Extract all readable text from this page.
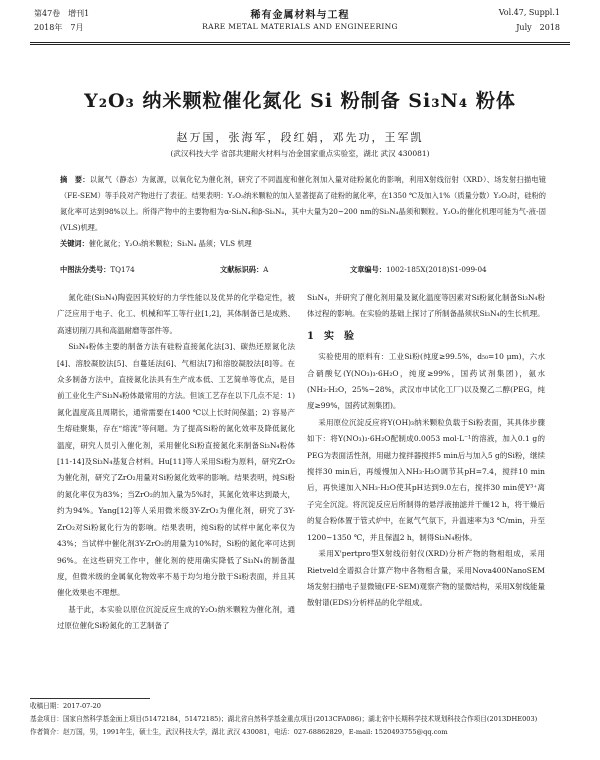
第47卷　增刊1
2018年　7月
稀有金属材料与工程
RARE METAL MATERIALS AND ENGINEERING
Vol.47, Suppl.1
July　2018
Y₂O₃ 纳米颗粒催化氮化 Si 粉制备 Si₃N₄ 粉体
赵万国，张海军，段红娟，邓先功，王军凯
(武汉科技大学 省部共建耐火材料与冶金国家重点实验室，湖北 武汉 430081)
摘　要：以氮气（静态）为氮源，以氧化钇为催化剂，研究了不同温度和催化剂加入量对硅粉氮化的影响，利用X射线衍射（XRD）、场发射扫描电镜（FE-SEM）等手段对产物进行了表征。结果表明：Y₂O₃纳米颗粒的加入显著提高了硅粉的氮化率，在1350 ℃及加入1%（质量分数）Y₂O₃时，硅粉的氮化率可达到98%以上。所得产物中的主要物相为α-Si₃N₄和β-Si₃N₄，其中大量为20~200 nm的Si₃N₄晶须和颗粒。Y₂O₃的催化机理可能为气-液-固(VLS)机理。
关键词：催化氮化；Y₂O₃纳米颗粒；Si₃N₄ 晶须；VLS 机理
中图法分类号：TQ174	文献标识码：A	文章编号：1002-185X(2018)S1-099-04

氮化硅(Si₃N₄)陶瓷因其较好的力学性能以及优异的化学稳定性，被广泛应用于电子、化工、机械和军工等行业[1,2]，其体制备已是成熟、高速切削刀具和高温耐磨等部件等。

Si₃N₄粉体主要的制备方法有硅粉直接氮化法[3]、碳热还原氮化法[4]、溶胶凝胶法[5]、自蔓延法[6]、气相法[7]和溶胶凝胶法[8]等。在众多制备方法中，直接氮化法具有生产成本低、工艺简单等优点，是目前工业化生产Si₃N₄粉体最常用的方法。但该工艺存在以下几点不足：1) 氮化温度高且周期长，通常需要在1400 ℃以上长时间保温；2) 容易产生熔硅聚集，存在“熔流”等问题。为了提高Si粉的氮化效率及降低氮化温度，研究人员引入催化剂，采用催化Si粉直接氮化来制备Si₃N₄粉体[11-14]及Si₃N₄基复合材料。Hu[11]等人采用Si粉为原料，研究ZrO₂为催化剂，研究了ZrO₂用量对Si粉氮化效率的影响。结果表明，纯Si粉的氮化率仅为83%；当ZrO₂的加入量为5%时，其氮化效率达到最大，约为94%。Yang[12]等人采用微米级3Y-ZrO₂为催化剂，研究了3Y-ZrO₂对Si粉氮化行为的影响。结果表明，纯Si粉的试样中氮化率仅为43%；当试样中催化剂3Y-ZrO₂的用量为10%时，Si粉的氮化率可达到96%。在这些研究工作中，催化剂的使用确实降低了Si₃N₄的制备温度，但微米级的金属氧化物效率不易于均匀地分散于Si粉表面，并且其催化效果也不理想。

基于此，本实验以原位沉淀反应生成的Y₂O₃纳米颗粒为催化剂，通过原位催化Si粉氮化的工艺制备了

Si₃N₄，并研究了催化剂用量及氮化温度等因素对Si粉氮化制备Si₃N₄粉体过程的影响。在实验的基础上探讨了所制备晶须状Si₃N₄的生长机理。

1 实　验

实验使用的原料有：工业Si粉(纯度≥99.5%，d₅₀=10 μm)，六水合硝酸钇(Y(NO₃)₃·6H₂O，纯度≥99%，国药试剂集团)，氨水(NH₃·H₂O，25%~28%，武汉市申试化工厂)以及聚乙二醇(PEG，纯度≥99%，国药试剂集团)。

采用原位沉淀反应将Y(OH)₃纳米颗粒负载于Si粉表面，其具体步骤如下：将Y(NO₃)₃·6H₂O配制成0.0053 mol·L⁻¹的溶液，加入0.1 g的PEG为表面活性剂，用磁力搅拌器搅拌5 min后与加入5 g的Si粉，继续搅拌30 min后，再缓慢加入NH₃·H₂O调节其pH=7.4，搅拌10 min后，再快速加入NH₃·H₂O使其pH达到9.0左右，搅拌30 min使Y³⁺离子完全沉淀。将沉淀反应后所制得的悬浮液抽滤并干燥12 h，将干燥后的复合粉体置于管式炉中，在氮气气氛下，升温速率为3 ℃/min，升至1200~1350 ℃，并且保温2 h，制得Si₃N₄粉体。

采用X'pertpro型X射线衍射仪(XRD)分析产物的物相组成，采用Rietveld全谱拟合计算产物中各物相含量，采用Nova400NanoSEM场发射扫描电子显微镜(FE-SEM)观察产物的显微结构，采用X射线能量散射谱(EDS)分析样品的化学组成。

收稿日期：2017-07-20
基金项目：国家自然科学基金面上项目(51472184，51472185)；湖北省自然科学基金重点项目(2013CFA086)；湖北省中长期科学技术规划科技合作项目(2013DHE003)
作者简介：赵万国，男，1991年生，硕士生，武汉科技大学，湖北 武汉 430081，电话：027-68862829，E-mail: 1520493755@qq.com
